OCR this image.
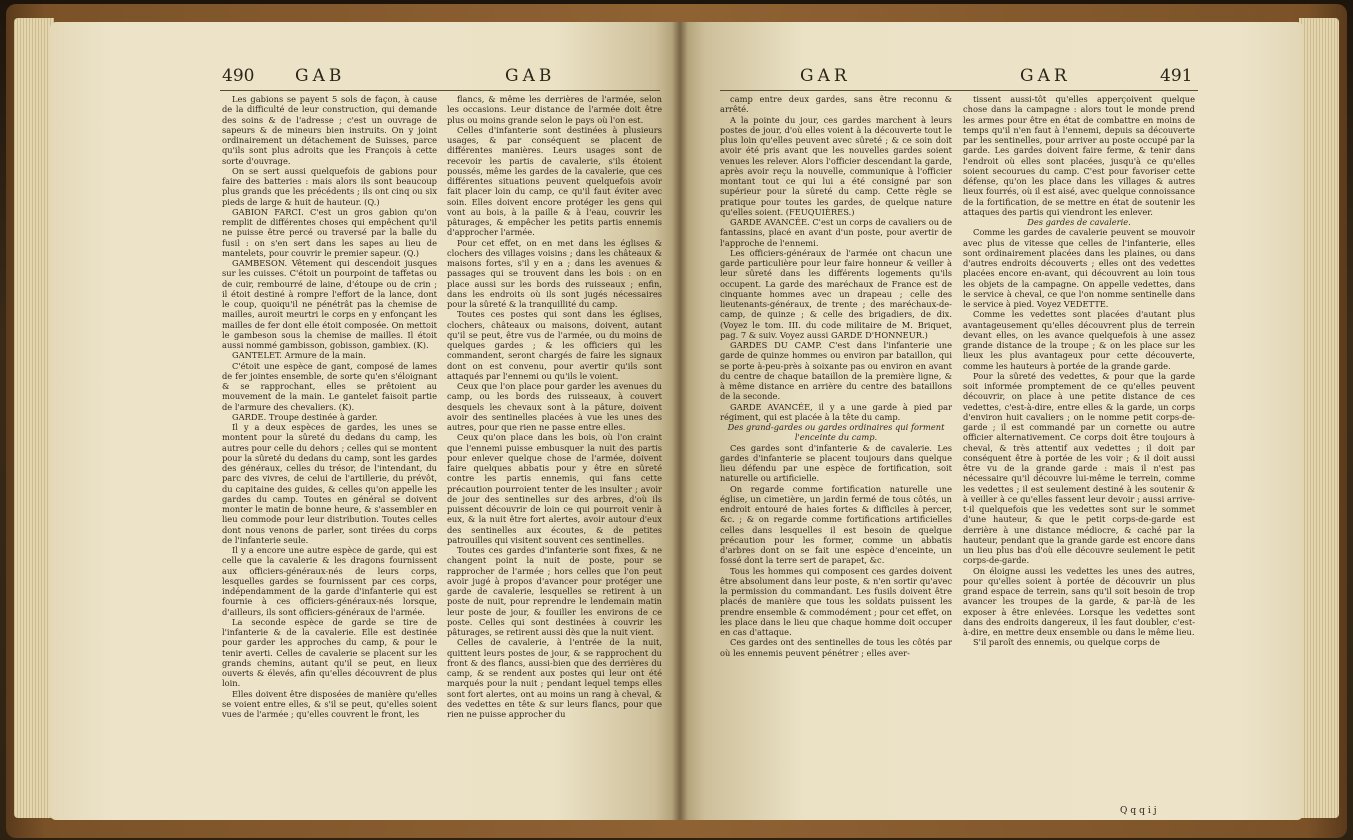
490 GAB	GAB

Les gabions se payent 5 sols de façon, à cause de la difficulté de leur construction, qui demande des soins & de l'adresse ; c'est un ouvrage de sapeurs & de mineurs bien instruits. On y joint ordinairement un détachement de Suisses, parce qu'ils sont plus adroits que les François à cette sorte d'ouvrage.

On se sert aussi quelquefois de gabions pour faire des batteries : mais alors ils sont beaucoup plus grands que les précédents ; ils ont cinq ou six pieds de large & huit de hauteur. (Q.)

GABION FARCI. C'est un gros gabion qu'on remplit de différentes choses qui empêchent qu'il ne puisse être percé ou traversé par la balle du fusil : on s'en sert dans les sapes au lieu de mantelets, pour couvrir le premier sapeur. (Q.)

GAMBESON. Vêtement qui descendoit jusques sur les cuisses. C'étoit un pourpoint de taffetas ou de cuir, rembourré de laine, d'étoupe ou de crin ; il étoit destiné à rompre l'effort de la lance, dont le coup, quoiqu'il ne pénétrât pas la chemise de mailles, auroit meurtri le corps en y enfonçant les mailles de fer dont elle étoit composée. On mettoit le gambeson sous la chemise de mailles. Il étoit aussi nommé gambisson, gobisson, gambiex. (K).

GANTELET. Armure de la main.

C'étoit une espèce de gant, composé de lames de fer jointes ensemble, de sorte qu'en s'éloignant & se rapprochant, elles se prêtoient au mouvement de la main. Le gantelet faisoit partie de l'armure des chevaliers. (K).

GARDE. Troupe destinée à garder.

Il y a deux espèces de gardes, les unes se montent pour la sûreté du dedans du camp, les autres pour celle du dehors ; celles qui se montent pour la sûreté du dedans du camp, sont les gardes des généraux, celles du trésor, de l'intendant, du parc des vivres, de celui de l'artillerie, du prévôt, du capitaine des guides, & celles qu'on appelle les gardes du camp. Toutes en général se doivent monter le matin de bonne heure, & s'assembler en lieu commode pour leur distribution. Toutes celles dont nous venons de parler, sont tirées du corps de l'infanterie seule.

Il y a encore une autre espèce de garde, qui est celle que la cavalerie & les dragons fournissent aux officiers-généraux-nés de leurs corps, lesquelles gardes se fournissent par ces corps, indépendamment de la garde d'infanterie qui est fournie à ces officiers-généraux-nés lorsque, d'ailleurs, ils sont officiers-généraux de l'armée.

La seconde espèce de garde se tire de l'infanterie & de la cavalerie. Elle est destinée pour garder les approches du camp, & pour le tenir averti. Celles de cavalerie se placent sur les grands chemins, autant qu'il se peut, en lieux ouverts & élevés, afin qu'elles découvrent de plus loin.

Elles doivent être disposées de manière qu'elles se voient entre elles, & s'il se peut, qu'elles soient vues de l'armée ; qu'elles couvrent le front, les

flancs, & même les derrières de l'armée, selon les occasions. Leur distance de l'armée doit être plus ou moins grande selon le pays où l'on est.

Celles d'infanterie sont destinées à plusieurs usages, & par conséquent se placent de différentes manières. Leurs usages sont de recevoir les partis de cavalerie, s'ils étoient poussés, même les gardes de la cavalerie, que ces différentes situations peuvent quelquefois avoir fait placer loin du camp, ce qu'il faut éviter avec soin. Elles doivent encore protéger les gens qui vont au bois, à la paille & à l'eau, couvrir les pâturages, & empêcher les petits partis ennemis d'approcher l'armée.

Pour cet effet, on en met dans les églises & clochers des villages voisins ; dans les châteaux & maisons fortes, s'il y en a ; dans les avenues & passages qui se trouvent dans les bois : on en place aussi sur les bords des ruisseaux ; enfin, dans les endroits où ils sont jugés nécessaires pour la sûreté & la tranquillité du camp.

Toutes ces postes qui sont dans les églises, clochers, châteaux ou maisons, doivent, autant qu'il se peut, être vus de l'armée, ou du moins de quelques gardes ; & les officiers qui les commandent, seront chargés de faire les signaux dont on est convenu, pour avertir qu'ils sont attaqués par l'ennemi ou qu'ils le voient.

Ceux que l'on place pour garder les avenues du camp, ou les bords des ruisseaux, à couvert desquels les chevaux sont à la pâture, doivent avoir des sentinelles placées à vue les unes des autres, pour que rien ne passe entre elles.

Ceux qu'on place dans les bois, où l'on craint que l'ennemi puisse embusquer la nuit des partis pour enlever quelque chose de l'armée, doivent faire quelques abbatis pour y être en sûreté contre les partis ennemis, qui fans cette précaution pourroient tenter de les insulter ; avoir de jour des sentinelles sur des arbres, d'où ils puissent découvrir de loin ce qui pourroit venir à eux, & la nuit être fort alertes, avoir autour d'eux des sentinelles aux écoutes, & de petites patrouilles qui visitent souvent ces sentinelles.

Toutes ces gardes d'infanterie sont fixes, & ne changent point la nuit de poste, pour se rapprocher de l'armée ; hors celles que l'on peut avoir jugé à propos d'avancer pour protéger une garde de cavalerie, lesquelles se retirent à un poste de nuit, pour reprendre le lendemain matin leur poste de jour, & fouiller les environs de ce poste. Celles qui sont destinées à couvrir les pâturages, se retirent aussi dès que la nuit vient.

Celles de cavalerie, à l'entrée de la nuit, quittent leurs postes de jour, & se rapprochent du front & des flancs, aussi-bien que des derrières du camp, & se rendent aux postes qui leur ont été marqués pour la nuit ; pendant lequel temps elles sont fort alertes, ont au moins un rang à cheval, & des vedettes en tête & sur leurs flancs, pour que rien ne puisse approcher du

GAR	GAR	491

camp entre deux gardes, sans être reconnu & arrêté.

A la pointe du jour, ces gardes marchent à leurs postes de jour, d'où elles voient à la découverte tout le plus loin qu'elles peuvent avec sûreté ; & ce soin doit avoir été pris avant que les nouvelles gardes soient venues les relever. Alors l'officier descendant la garde, après avoir reçu la nouvelle, communique à l'officier montant tout ce qui lui a été consigné par son supérieur pour la sûreté du camp. Cette règle se pratique pour toutes les gardes, de quelque nature qu'elles soient. (FEUQUIÈRES.)

GARDE AVANCÉE. C'est un corps de cavaliers ou de fantassins, placé en avant d'un poste, pour avertir de l'approche de l'ennemi.

Les officiers-généraux de l'armée ont chacun une garde particulière pour leur faire honneur & veiller à leur sûreté dans les différents logements qu'ils occupent. La garde des maréchaux de France est de cinquante hommes avec un drapeau ; celle des lieutenants-généraux, de trente ; des maréchaux-de-camp, de quinze ; & celle des brigadiers, de dix. (Voyez le tom. III. du code militaire de M. Briquet, pag. 7 & suiv. Voyez aussi GARDE D'HONNEUR.)

GARDES DU CAMP. C'est dans l'infanterie une garde de quinze hommes ou environ par bataillon, qui se porte à-peu-près à soixante pas ou environ en avant du centre de chaque bataillon de la première ligne, & à même distance en arrière du centre des bataillons de la seconde.

GARDE AVANCÉE, il y a une garde à pied par régiment, qui est placée à la tête du camp.

Des grand-gardes ou gardes ordinaires qui forment l'enceinte du camp.

Ces gardes sont d'infanterie & de cavalerie. Les gardes d'infanterie se placent toujours dans quelque lieu défendu par une espèce de fortification, soit naturelle ou artificielle.

On regarde comme fortification naturelle une église, un cimetière, un jardin fermé de tous côtés, un endroit entouré de haies fortes & difficiles à percer, &c. ; & on regarde comme fortifications artificielles celles dans lesquelles il est besoin de quelque précaution pour les former, comme un abbatis d'arbres dont on se fait une espèce d'enceinte, un fossé dont la terre sert de parapet, &c.

Tous les hommes qui composent ces gardes doivent être absolument dans leur poste, & n'en sortir qu'avec la permission du commandant. Les fusils doivent être placés de manière que tous les soldats puissent les prendre ensemble & commodément ; pour cet effet, on les place dans le lieu que chaque homme doit occuper en cas d'attaque.

Ces gardes ont des sentinelles de tous les côtés par où les ennemis peuvent pénétrer ; elles aver-

tissent aussi-tôt qu'elles apperçoivent quelque chose dans la campagne : alors tout le monde prend les armes pour être en état de combattre en moins de temps qu'il n'en faut à l'ennemi, depuis sa découverte par les sentinelles, pour arriver au poste occupé par la garde. Les gardes doivent faire ferme, & tenir dans l'endroit où elles sont placées, jusqu'à ce qu'elles soient secourues du camp. C'est pour favoriser cette défense, qu'on les place dans les villages & autres lieux fourrés, où il est aisé, avec quelque connoissance de la fortification, de se mettre en état de soutenir les attaques des partis qui viendront les enlever.

Des gardes de cavalerie.

Comme les gardes de cavalerie peuvent se mouvoir avec plus de vitesse que celles de l'infanterie, elles sont ordinairement placées dans les plaines, ou dans d'autres endroits découverts ; elles ont des vedettes placées encore en-avant, qui découvrent au loin tous les objets de la campagne. On appelle vedettes, dans le service à cheval, ce que l'on nomme sentinelle dans le service à pied. Voyez VEDETTE.

Comme les vedettes sont placées d'autant plus avantageusement qu'elles découvrent plus de terrein devant elles, on les avance quelquefois à une assez grande distance de la troupe ; & on les place sur les lieux les plus avantageux pour cette découverte, comme les hauteurs à portée de la grande garde.

Pour la sûreté des vedettes, & pour que la garde soit informée promptement de ce qu'elles peuvent découvrir, on place à une petite distance de ces vedettes, c'est-à-dire, entre elles & la garde, un corps d'environ huit cavaliers ; on le nomme petit corps-de-garde ; il est commandé par un cornette ou autre officier alternativement. Ce corps doit être toujours à cheval, & très attentif aux vedettes ; il doit par conséquent être à portée de les voir ; & il doit aussi être vu de la grande garde : mais il n'est pas nécessaire qu'il découvre lui-même le terrein, comme les vedettes ; il est seulement destiné à les soutenir & à veiller à ce qu'elles fassent leur devoir ; aussi arrive-t-il quelquefois que les vedettes sont sur le sommet d'une hauteur, & que le petit corps-de-garde est derrière à une distance médiocre, & caché par la hauteur, pendant que la grande garde est encore dans un lieu plus bas d'où elle découvre seulement le petit corps-de-garde.

On éloigne aussi les vedettes les unes des autres, pour qu'elles soient à portée de découvrir un plus grand espace de terrein, sans qu'il soit besoin de trop avancer les troupes de la garde, & par-là de les exposer à être enlevées. Lorsque les vedettes sont dans des endroits dangereux, il les faut doubler, c'est-à-dire, en mettre deux ensemble ou dans le même lieu.

S'il paroît des ennemis, ou quelque corps de

Qqqij
